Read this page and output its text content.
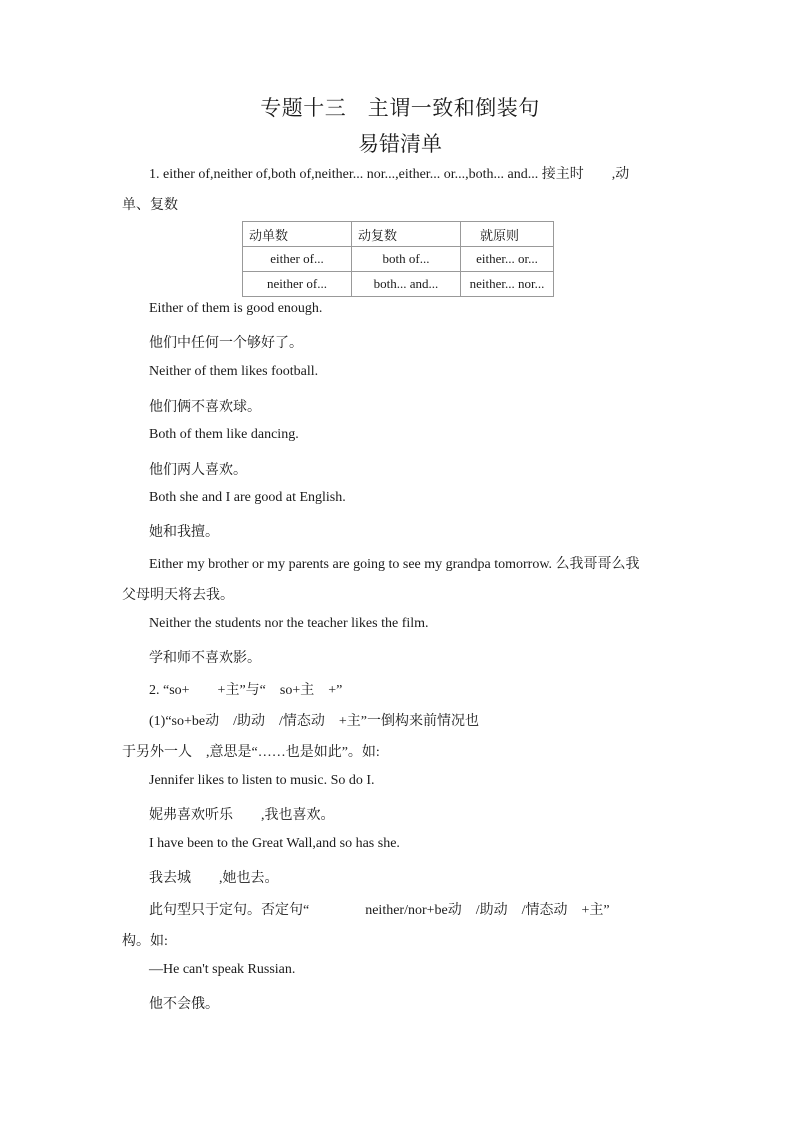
专题十三　主谓一致和倒装句
易错清单
1. either of,neither of,both of,neither... nor...,either... or...,both... and... 接主时　　,动
单、复数
动单数	动复数	　就原则
either of...	both of...	either... or...
neither of...	both... and...	neither... nor...
Either of them is good enough.
他们中任何一个够好了。
Neither of them likes football.
他们俩不喜欢球。
Both of them like dancing.
他们两人喜欢。
Both she and I are good at English.
她和我擅。
Either my brother or my parents are going to see my grandpa tomorrow. 么我哥哥么我
父母明天将去我。
Neither the students nor the teacher likes the film.
学和师不喜欢影。
2. “so+　　+主”与“　so+主　+”
(1)“so+be动　/助动　/情态动　+主”一倒构来前情况也
于另外一人　,意思是“……也是如此”。如:
Jennifer likes to listen to music. So do I.
妮弗喜欢听乐　　,我也喜欢。
I have been to the Great Wall,and so has she.
我去城　　,她也去。
此句型只于定句。否定句“　　　　neither/nor+be动　/助动　/情态动　+主”
构。如:
—He can't speak Russian.
他不会俄。
